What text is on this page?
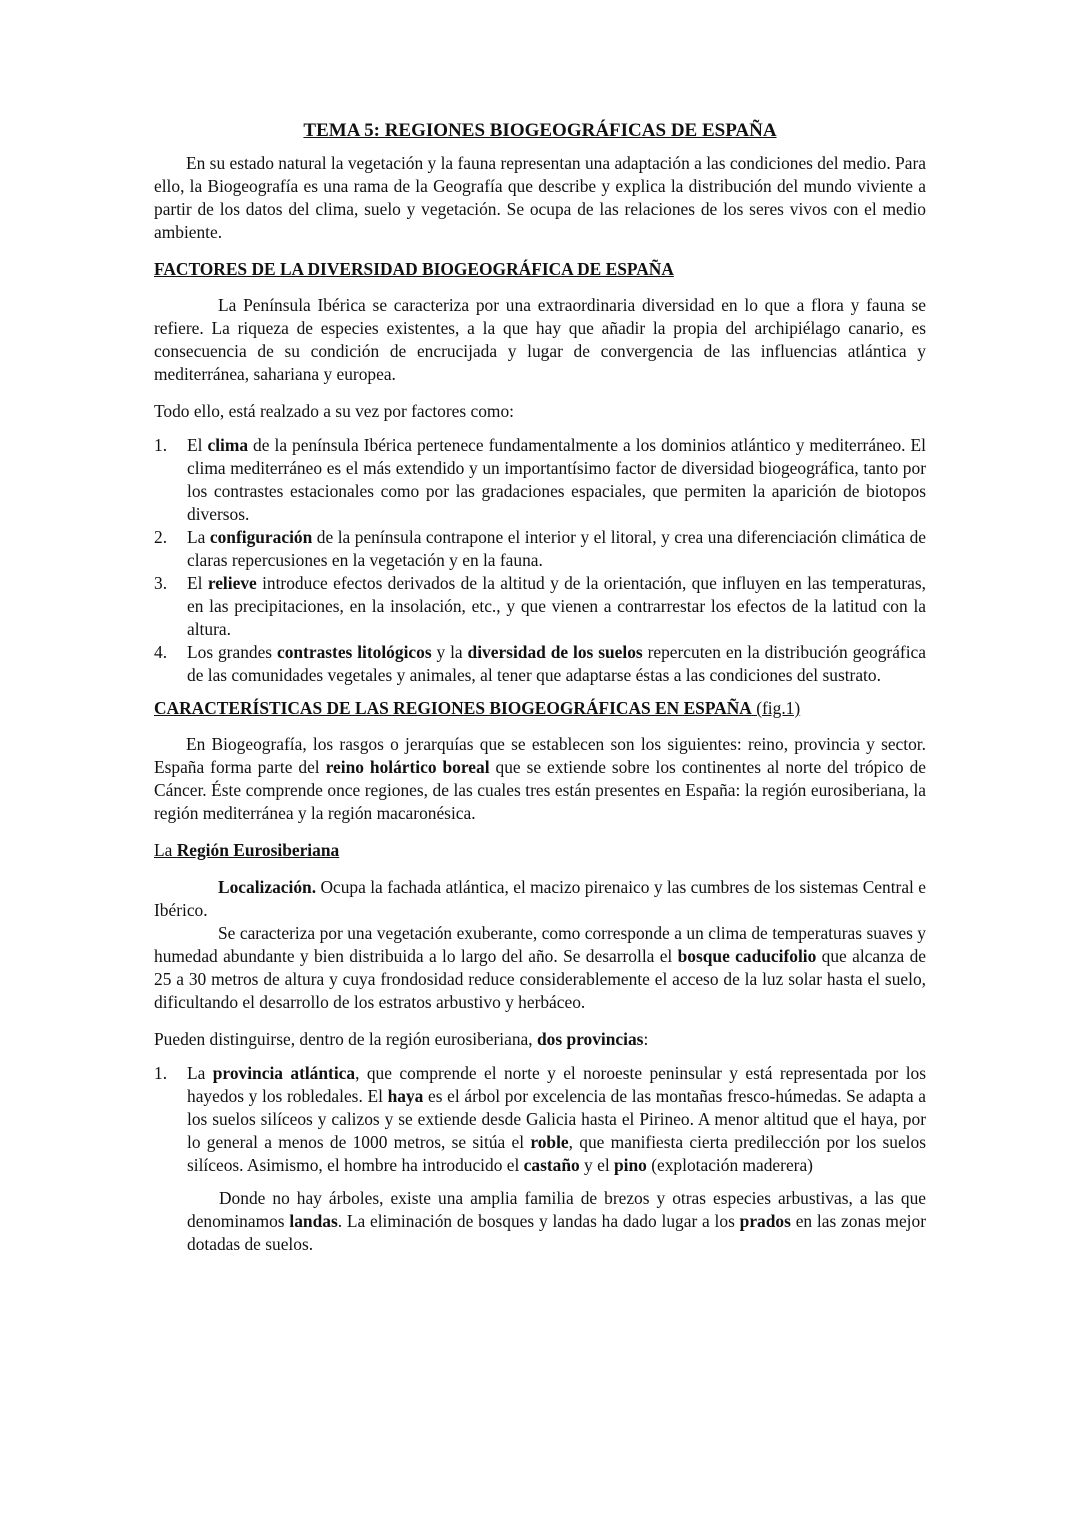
TEMA 5: REGIONES BIOGEOGRÁFICAS DE ESPAÑA

En su estado natural la vegetación y la fauna representan una adaptación a las condiciones del medio. Para ello, la Biogeografía es una rama de la Geografía que describe y explica la distribución del mundo viviente a partir de los datos del clima, suelo y vegetación. Se ocupa de las relaciones de los seres vivos con el medio ambiente.

FACTORES DE LA DIVERSIDAD BIOGEOGRÁFICA DE ESPAÑA

La Península Ibérica se caracteriza por una extraordinaria diversidad en lo que a flora y fauna se refiere. La riqueza de especies existentes, a la que hay que añadir la propia del archipiélago canario, es consecuencia de su condición de encrucijada y lugar de convergencia de las influencias atlántica y mediterránea, sahariana y europea.

Todo ello, está realzado a su vez por factores como:

1. El clima de la península Ibérica pertenece fundamentalmente a los dominios atlántico y mediterráneo. El clima mediterráneo es el más extendido y un importantísimo factor de diversidad biogeográfica, tanto por los contrastes estacionales como por las gradaciones espaciales, que permiten la aparición de biotopos diversos.
2. La configuración de la península contrapone el interior y el litoral, y crea una diferenciación climática de claras repercusiones en la vegetación y en la fauna.
3. El relieve introduce efectos derivados de la altitud y de la orientación, que influyen en las temperaturas, en las precipitaciones, en la insolación, etc., y que vienen a contrarrestar los efectos de la latitud con la altura.
4. Los grandes contrastes litológicos y la diversidad de los suelos repercuten en la distribución geográfica de las comunidades vegetales y animales, al tener que adaptarse éstas a las condiciones del sustrato.

CARACTERÍSTICAS DE LAS REGIONES BIOGEOGRÁFICAS EN ESPAÑA (fig.1)

En Biogeografía, los rasgos o jerarquías que se establecen son los siguientes: reino, provincia y sector. España forma parte del reino holártico boreal que se extiende sobre los continentes al norte del trópico de Cáncer. Éste comprende once regiones, de las cuales tres están presentes en España: la región eurosiberiana, la región mediterránea y la región macaronésica.

La Región Eurosiberiana

Localización. Ocupa la fachada atlántica, el macizo pirenaico y las cumbres de los sistemas Central e Ibérico.

Se caracteriza por una vegetación exuberante, como corresponde a un clima de temperaturas suaves y humedad abundante y bien distribuida a lo largo del año. Se desarrolla el bosque caducifolio que alcanza de 25 a 30 metros de altura y cuya frondosidad reduce considerablemente el acceso de la luz solar hasta el suelo, dificultando el desarrollo de los estratos arbustivo y herbáceo.

Pueden distinguirse, dentro de la región eurosiberiana, dos provincias:

1. La provincia atlántica, que comprende el norte y el noroeste peninsular y está representada por los hayedos y los robledales. El haya es el árbol por excelencia de las montañas fresco-húmedas. Se adapta a los suelos silíceos y calizos y se extiende desde Galicia hasta el Pirineo. A menor altitud que el haya, por lo general a menos de 1000 metros, se sitúa el roble, que manifiesta cierta predilección por los suelos silíceos. Asimismo, el hombre ha introducido el castaño y el pino (explotación maderera)

Donde no hay árboles, existe una amplia familia de brezos y otras especies arbustivas, a las que denominamos landas. La eliminación de bosques y landas ha dado lugar a los prados en las zonas mejor dotadas de suelos.
